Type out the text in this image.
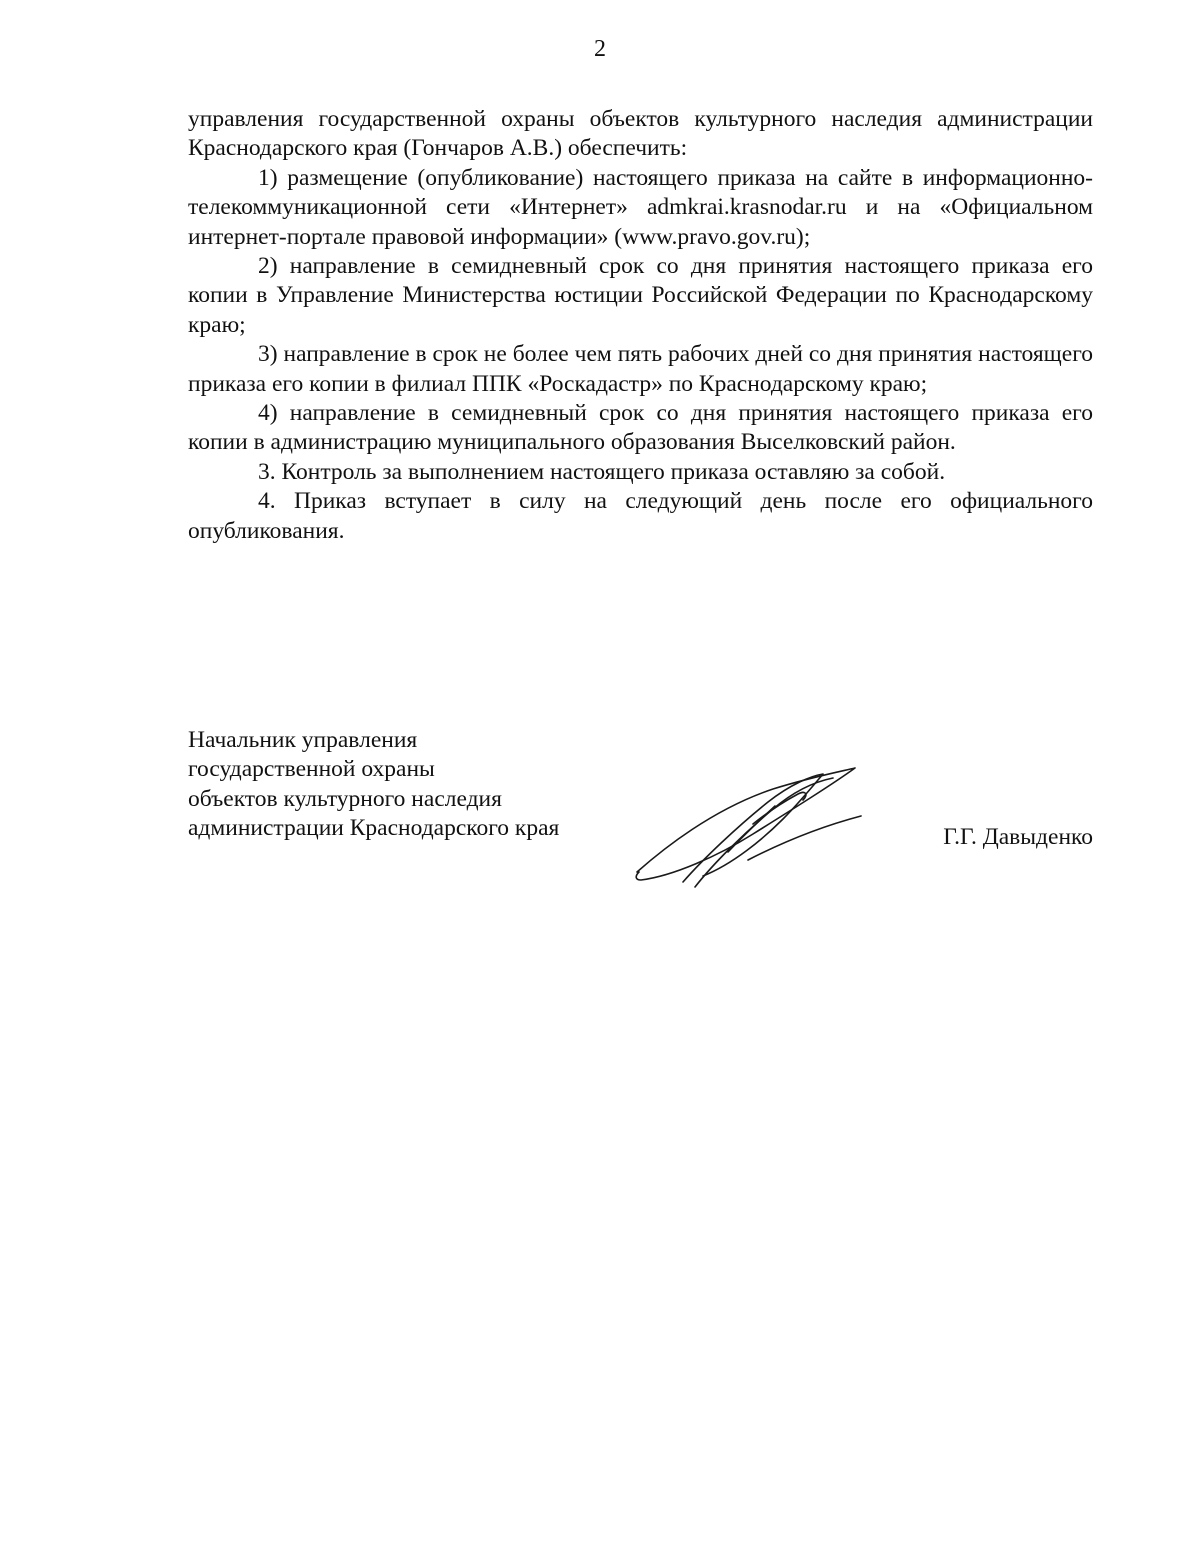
2

управления государственной охраны объектов культурного наследия администрации Краснодарского края (Гончаров А.В.) обеспечить:

1) размещение (опубликование) настоящего приказа на сайте в информационно-телекоммуникационной сети «Интернет» admkrai.krasnodar.ru и на «Официальном интернет-портале правовой информации» (www.pravo.gov.ru);

2) направление в семидневный срок со дня принятия настоящего приказа его копии в Управление Министерства юстиции Российской Федерации по Краснодарскому краю;

3) направление в срок не более чем пять рабочих дней со дня принятия настоящего приказа его копии в филиал ППК «Роскадастр» по Краснодарскому краю;

4) направление в семидневный срок со дня принятия настоящего приказа его копии в администрацию муниципального образования Выселковский район.

3. Контроль за выполнением настоящего приказа оставляю за собой.

4. Приказ вступает в силу на следующий день после его официального опубликования.

Начальник управления
государственной охраны
объектов культурного наследия
администрации Краснодарского края	Г.Г. Давыденко
